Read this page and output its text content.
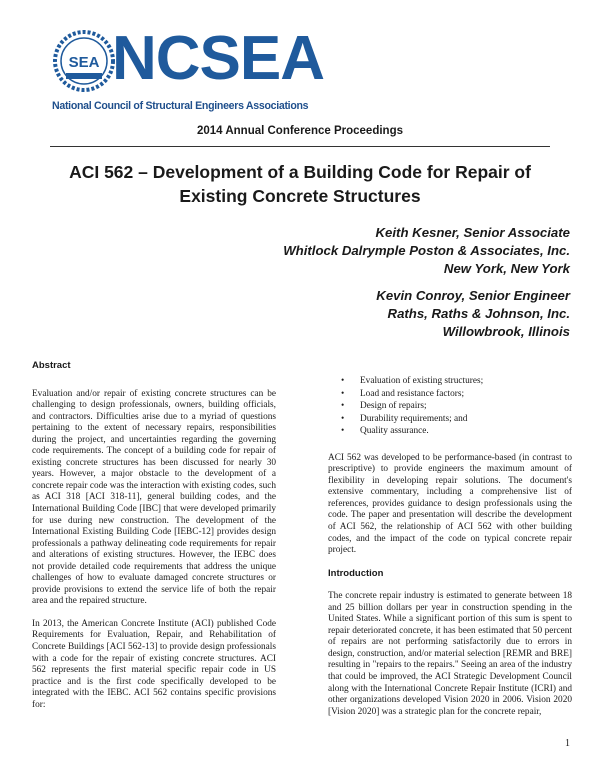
SEA NCSEA
National Council of Structural Engineers Associations
2014 Annual Conference Proceedings
ACI 562 – Development of a Building Code for Repair of
Existing Concrete Structures
Keith Kesner, Senior Associate
Whitlock Dalrymple Poston & Associates, Inc.
New York, New York
Kevin Conroy, Senior Engineer
Raths, Raths & Johnson, Inc.
Willowbrook, Illinois
Abstract

Evaluation and/or repair of existing concrete structures can be challenging to design professionals, owners, building officials, and contractors. Difficulties arise due to a myriad of questions pertaining to the extent of necessary repairs, responsibilities during the project, and uncertainties regarding the governing code requirements. The concept of a building code for repair of existing concrete structures has been discussed for nearly 30 years. However, a major obstacle to the development of a concrete repair code was the interaction with existing codes, such as ACI 318 [ACI 318-11], general building codes, and the International Building Code [IBC] that were developed primarily for use during new construction. The development of the International Existing Building Code [IEBC-12] provides design professionals a pathway delineating code requirements for repair and alterations of existing structures. However, the IEBC does not provide detailed code requirements that address the unique challenges of how to evaluate damaged concrete structures or provide provisions to extend the service life of both the repair area and the repaired structure.

In 2013, the American Concrete Institute (ACI) published Code Requirements for Evaluation, Repair, and Rehabilitation of Concrete Buildings [ACI 562-13] to provide design professionals with a code for the repair of existing concrete structures. ACI 562 represents the first material specific repair code in US practice and is the first code specifically developed to be integrated with the IEBC. ACI 562 contains specific provisions for:

• Evaluation of existing structures;
• Load and resistance factors;
• Design of repairs;
• Durability requirements; and
• Quality assurance.

ACI 562 was developed to be performance-based (in contrast to prescriptive) to provide engineers the maximum amount of flexibility in developing repair solutions. The document's extensive commentary, including a comprehensive list of references, provides guidance to design professionals using the code. The paper and presentation will describe the development of ACI 562, the relationship of ACI 562 with other building codes, and the impact of the code on typical concrete repair project.

Introduction

The concrete repair industry is estimated to generate between 18 and 25 billion dollars per year in construction spending in the United States. While a significant portion of this sum is spent to repair deteriorated concrete, it has been estimated that 50 percent of repairs are not performing satisfactorily due to errors in design, construction, and/or material selection [REMR and BRE] resulting in "repairs to the repairs." Seeing an area of the industry that could be improved, the ACI Strategic Development Council along with the International Concrete Repair Institute (ICRI) and other organizations developed Vision 2020 in 2006. Vision 2020 [Vision 2020] was a strategic plan for the concrete repair,

1
